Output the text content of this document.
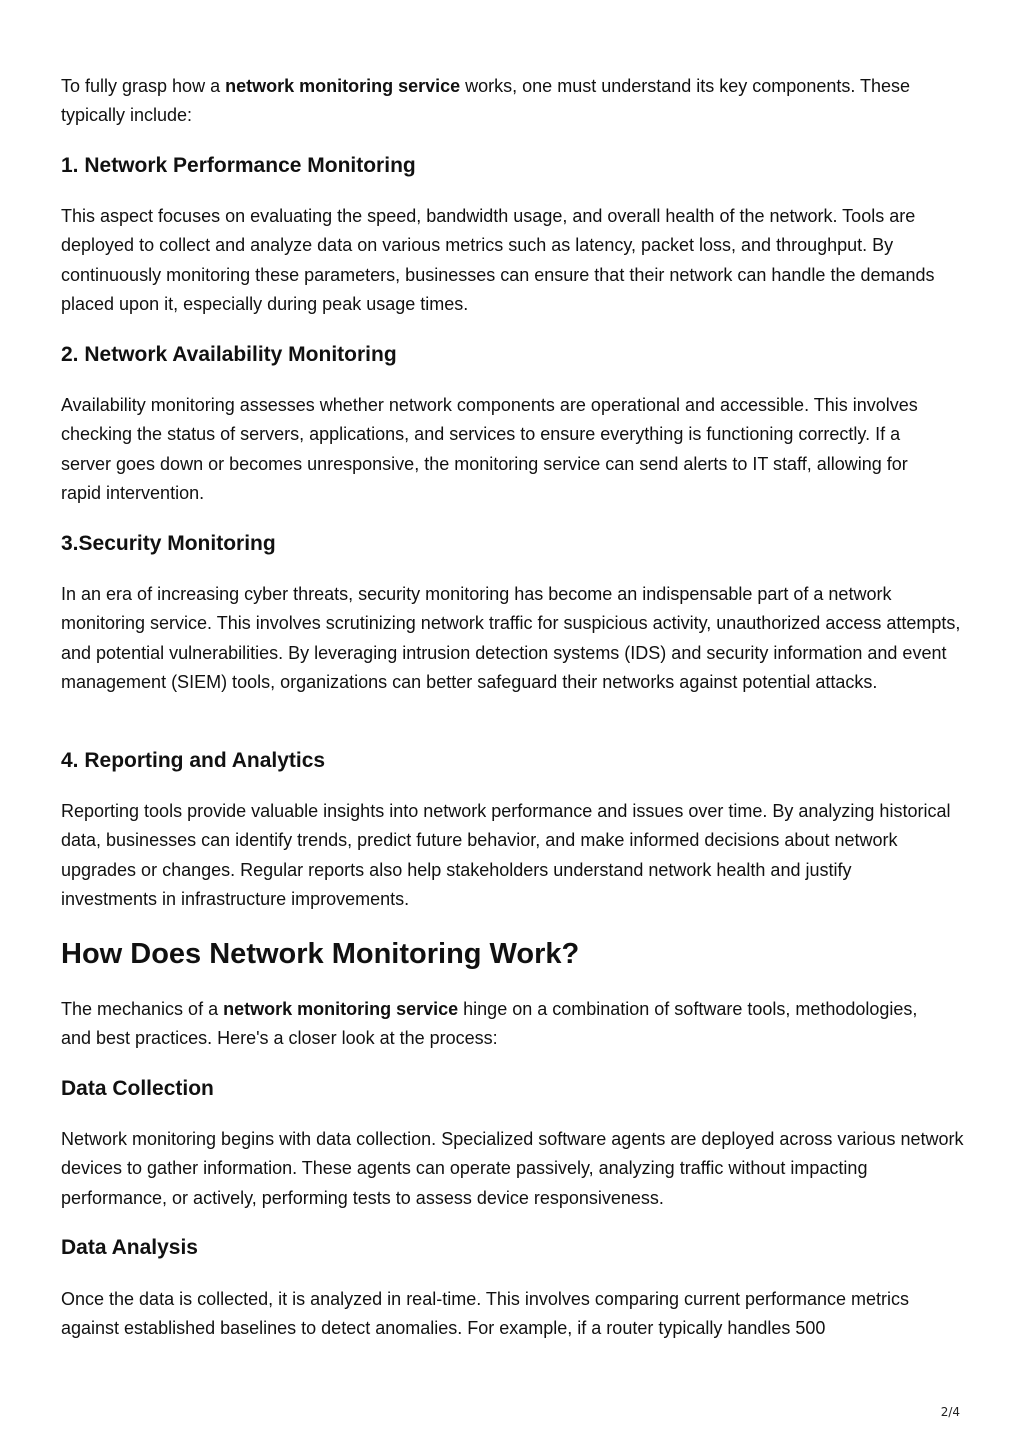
To fully grasp how a network monitoring service works, one must understand its key components. These typically include:

1. Network Performance Monitoring

This aspect focuses on evaluating the speed, bandwidth usage, and overall health of the network. Tools are deployed to collect and analyze data on various metrics such as latency, packet loss, and throughput. By continuously monitoring these parameters, businesses can ensure that their network can handle the demands placed upon it, especially during peak usage times.

2. Network Availability Monitoring

Availability monitoring assesses whether network components are operational and accessible. This involves checking the status of servers, applications, and services to ensure everything is functioning correctly. If a server goes down or becomes unresponsive, the monitoring service can send alerts to IT staff, allowing for rapid intervention.

3.Security Monitoring

In an era of increasing cyber threats, security monitoring has become an indispensable part of a network monitoring service. This involves scrutinizing network traffic for suspicious activity, unauthorized access attempts, and potential vulnerabilities. By leveraging intrusion detection systems (IDS) and security information and event management (SIEM) tools, organizations can better safeguard their networks against potential attacks.

4. Reporting and Analytics

Reporting tools provide valuable insights into network performance and issues over time. By analyzing historical data, businesses can identify trends, predict future behavior, and make informed decisions about network upgrades or changes. Regular reports also help stakeholders understand network health and justify investments in infrastructure improvements.

How Does Network Monitoring Work?

The mechanics of a network monitoring service hinge on a combination of software tools, methodologies, and best practices. Here's a closer look at the process:

Data Collection

Network monitoring begins with data collection. Specialized software agents are deployed across various network devices to gather information. These agents can operate passively, analyzing traffic without impacting performance, or actively, performing tests to assess device responsiveness.

Data Analysis

Once the data is collected, it is analyzed in real-time. This involves comparing current performance metrics against established baselines to detect anomalies. For example, if a router typically handles 500

2/4
